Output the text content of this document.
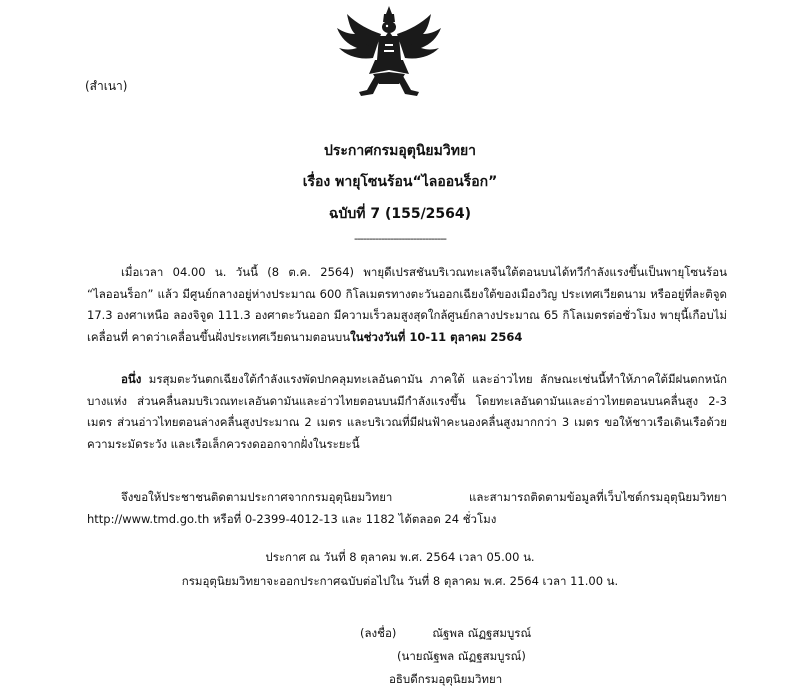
(สำเนา)
ประกาศกรมอุตุนิยมวิทยา
เรื่อง พายุโซนร้อน“ไลออนร็อก”
ฉบับที่ 7 (155/2564)
-------------------------------
เมื่อเวลา 04.00 น. วันนี้ (8 ต.ค. 2564) พายุดีเปรสชันบริเวณทะเลจีนใต้ตอนบนได้ทวีกำลังแรงขึ้นเป็นพายุโซนร้อน “ไลออนร็อก” แล้ว มีศูนย์กลางอยู่ห่างประมาณ 600 กิโลเมตรทางตะวันออกเฉียงใต้ของเมืองวิญ ประเทศเวียดนาม หรืออยู่ที่ละติจูด 17.3 องศาเหนือ ลองจิจูด 111.3 องศาตะวันออก มีความเร็วลมสูงสุดใกล้ศูนย์กลางประมาณ 65 กิโลเมตรต่อชั่วโมง พายุนี้เกือบไม่เคลื่อนที่ คาดว่าเคลื่อนขึ้นฝั่งประเทศเวียดนามตอนบนในช่วงวันที่ 10-11 ตุลาคม 2564
อนึ่ง มรสุมตะวันตกเฉียงใต้กำลังแรงพัดปกคลุมทะเลอันดามัน ภาคใต้ และอ่าวไทย ลักษณะเช่นนี้ทำให้ภาคใต้มีฝนตกหนักบางแห่ง ส่วนคลื่นลมบริเวณทะเลอันดามันและอ่าวไทยตอนบนมีกำลังแรงขึ้น โดยทะเลอันดามันและอ่าวไทยตอนบนคลื่นสูง 2-3 เมตร ส่วนอ่าวไทยตอนล่างคลื่นสูงประมาณ 2 เมตร และบริเวณที่มีฝนฟ้าคะนองคลื่นสูงมากกว่า 3 เมตร ขอให้ชาวเรือเดินเรือด้วยความระมัดระวัง และเรือเล็กควรงดออกจากฝั่งในระยะนี้
จึงขอให้ประชาชนติดตามประกาศจากกรมอุตุนิยมวิทยา และสามารถติดตามข้อมูลที่เว็บไซต์กรมอุตุนิยมวิทยา http://www.tmd.go.th หรือที่ 0-2399-4012-13 และ 1182 ได้ตลอด 24 ชั่วโมง
ประกาศ ณ วันที่ 8 ตุลาคม พ.ศ. 2564 เวลา 05.00 น.
กรมอุตุนิยมวิทยาจะออกประกาศฉบับต่อไปใน วันที่ 8 ตุลาคม พ.ศ. 2564 เวลา 11.00 น.
(ลงชื่อ)	ณัฐพล ณัฏฐสมบูรณ์
(นายณัฐพล ณัฏฐสมบูรณ์)
อธิบดีกรมอุตุนิยมวิทยา
